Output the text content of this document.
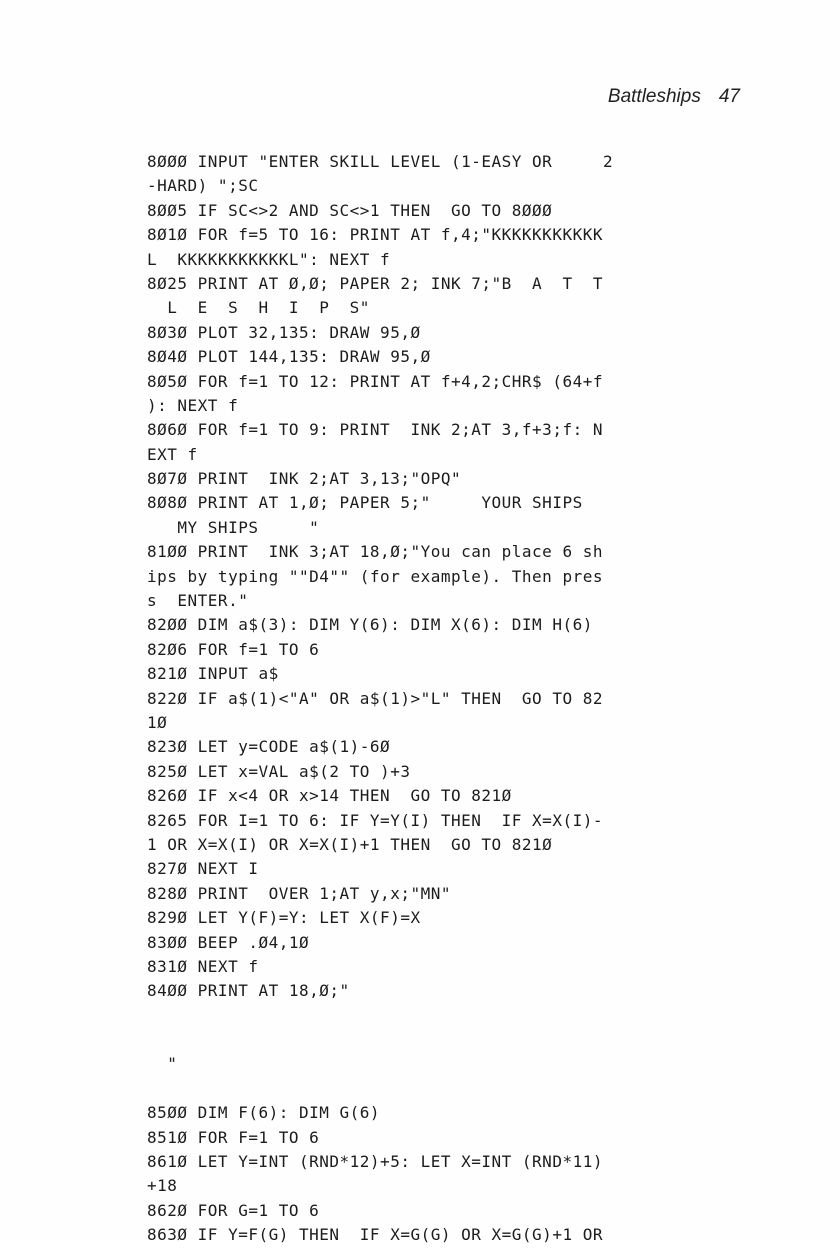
Battleships 47
8ØØØ INPUT "ENTER SKILL LEVEL (1-EASY OR     2
-HARD) ";SC
8ØØ5 IF SC<>2 AND SC<>1 THEN  GO TO 8ØØØ
8Ø1Ø FOR f=5 TO 16: PRINT AT f,4;"KKKKKKKKKKK
L  KKKKKKKKKKKL": NEXT f
8Ø25 PRINT AT Ø,Ø; PAPER 2; INK 7;"B  A  T  T
L  E  S  H  I  P  S"
8Ø3Ø PLOT 32,135: DRAW 95,Ø
8Ø4Ø PLOT 144,135: DRAW 95,Ø
8Ø5Ø FOR f=1 TO 12: PRINT AT f+4,2;CHR$ (64+f
): NEXT f
8Ø6Ø FOR f=1 TO 9: PRINT  INK 2;AT 3,f+3;f: N
EXT f
8Ø7Ø PRINT  INK 2;AT 3,13;"OPQ"
8Ø8Ø PRINT AT 1,Ø; PAPER 5;"     YOUR SHIPS
MY SHIPS     "
81ØØ PRINT  INK 3;AT 18,Ø;"You can place 6 sh
ips by typing ""D4"" (for example). Then pres
s  ENTER."
82ØØ DIM a$(3): DIM Y(6): DIM X(6): DIM H(6)
82Ø6 FOR f=1 TO 6
821Ø INPUT a$
822Ø IF a$(1)<"A" OR a$(1)>"L" THEN  GO TO 82
1Ø
823Ø LET y=CODE a$(1)-6Ø
825Ø LET x=VAL a$(2 TO )+3
826Ø IF x<4 OR x>14 THEN  GO TO 821Ø
8265 FOR I=1 TO 6: IF Y=Y(I) THEN  IF X=X(I)-
1 OR X=X(I) OR X=X(I)+1 THEN  GO TO 821Ø
827Ø NEXT I
828Ø PRINT  OVER 1;AT y,x;"MN"
829Ø LET Y(F)=Y: LET X(F)=X
83ØØ BEEP .Ø4,1Ø
831Ø NEXT f
84ØØ PRINT AT 18,Ø;"
"
85ØØ DIM F(6): DIM G(6)
851Ø FOR F=1 TO 6
861Ø LET Y=INT (RND*12)+5: LET X=INT (RND*11)
+18
862Ø FOR G=1 TO 6
863Ø IF Y=F(G) THEN  IF X=G(G) OR X=G(G)+1 OR
